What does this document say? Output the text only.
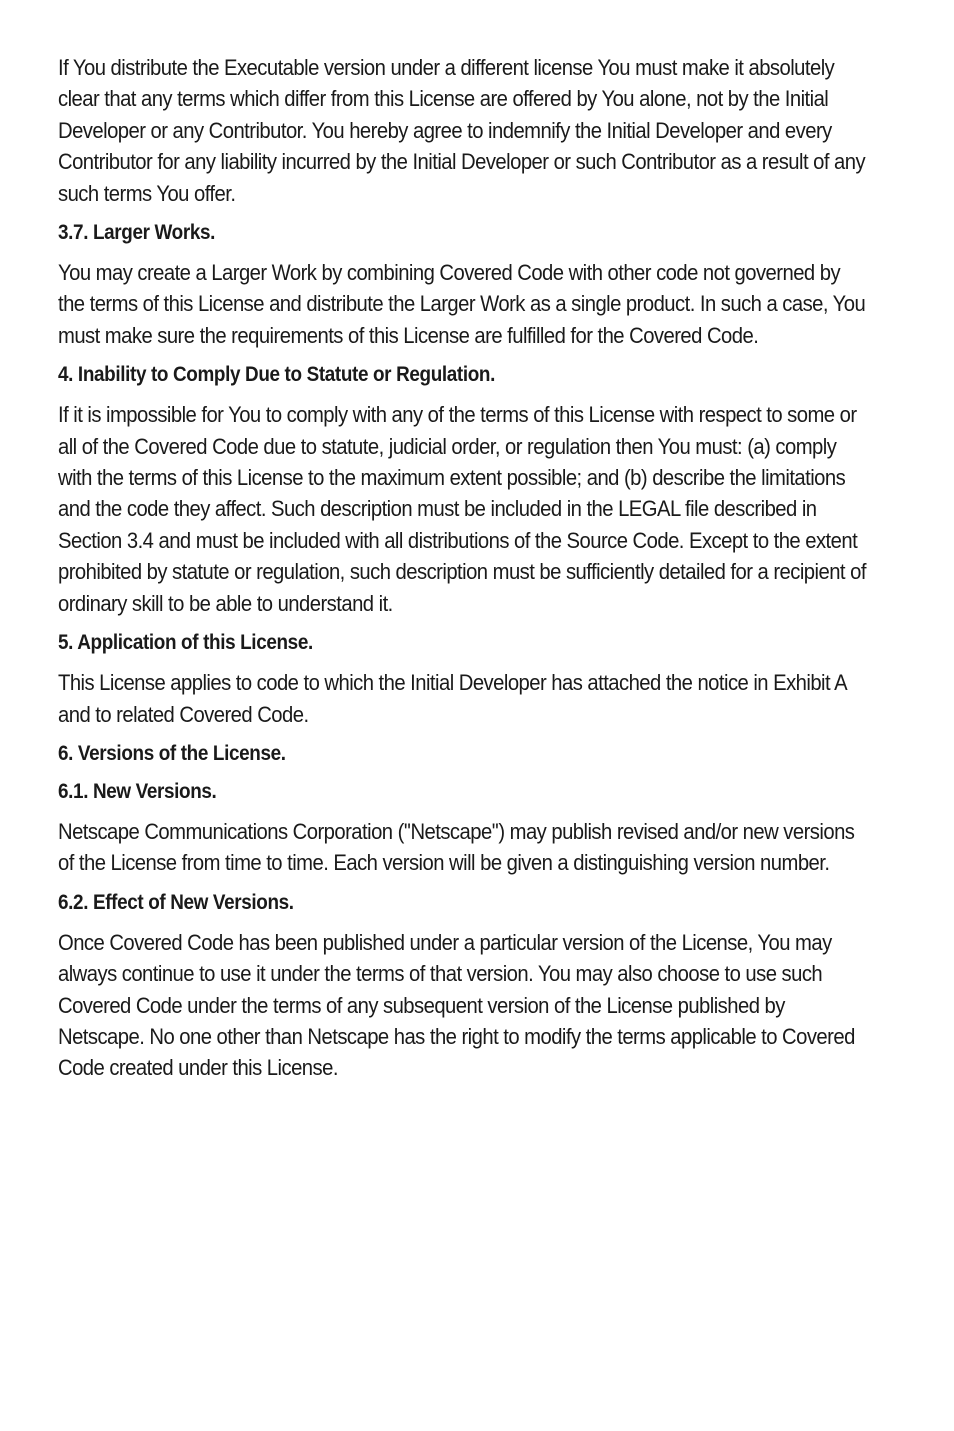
If You distribute the Executable version under a different license You must make it absolutely clear that any terms which differ from this License are offered by You alone, not by the Initial Developer or any Contributor. You hereby agree to indemnify the Initial Developer and every Contributor for any liability incurred by the Initial Developer or such Contributor as a result of any such terms You offer.

3.7. Larger Works.

You may create a Larger Work by combining Covered Code with other code not governed by the terms of this License and distribute the Larger Work as a single product. In such a case, You must make sure the requirements of this License are fulfilled for the Covered Code.

4. Inability to Comply Due to Statute or Regulation.

If it is impossible for You to comply with any of the terms of this License with respect to some or all of the Covered Code due to statute, judicial order, or regulation then You must: (a) comply with the terms of this License to the maximum extent possible; and (b) describe the limitations and the code they affect. Such description must be included in the LEGAL file described in Section 3.4 and must be included with all distributions of the Source Code. Except to the extent prohibited by statute or regulation, such description must be sufficiently detailed for a recipient of ordinary skill to be able to understand it.

5. Application of this License.

This License applies to code to which the Initial Developer has attached the notice in Exhibit A and to related Covered Code.

6. Versions of the License.
6.1. New Versions.

Netscape Communications Corporation (''Netscape'') may publish revised and/or new versions of the License from time to time. Each version will be given a distinguishing version number.

6.2. Effect of New Versions.

Once Covered Code has been published under a particular version of the License, You may always continue to use it under the terms of that version. You may also choose to use such Covered Code under the terms of any subsequent version of the License published by Netscape. No one other than Netscape has the right to modify the terms applicable to Covered Code created under this License.
